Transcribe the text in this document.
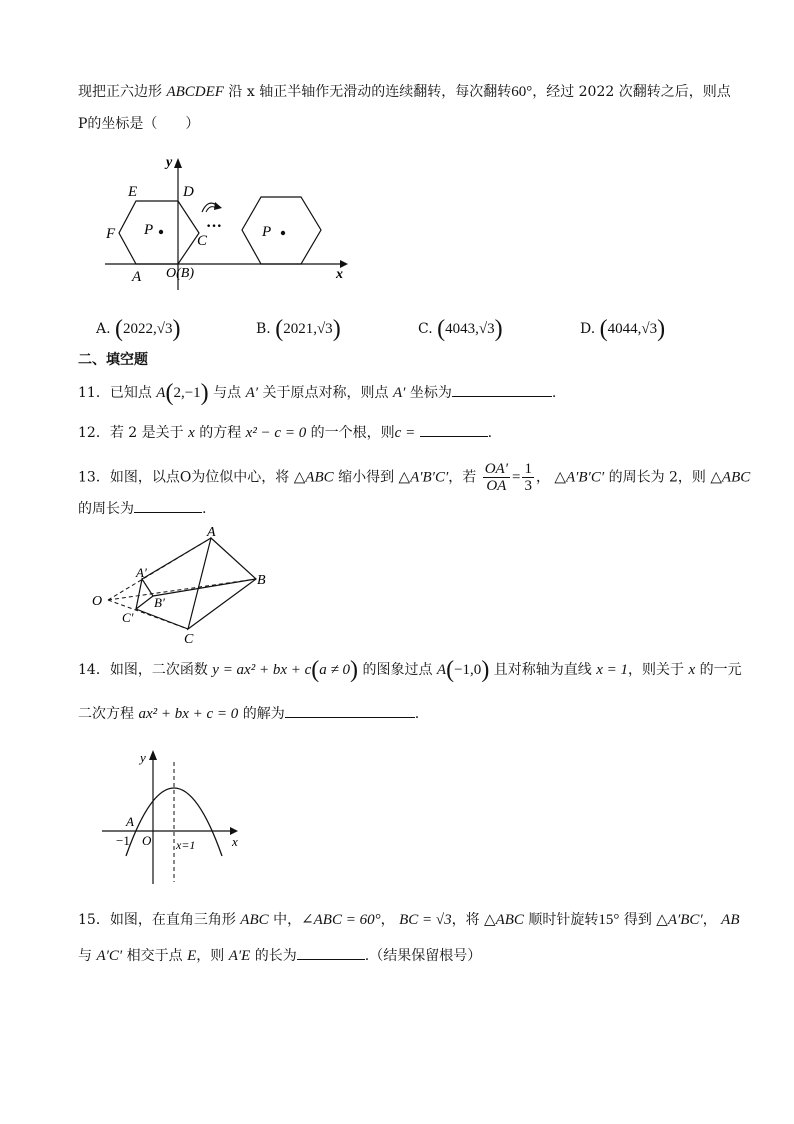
现把正六边形 ABCDEF 沿 x 轴正半轴作无滑动的连续翻转，每次翻转60°，经过 2022 次翻转之后，则点
P的坐标是（　　）
y
x
E	D
F	C
A O(B)
P	P
···
A. (2022,√3)	B. (2021,√3)	C. (4043,√3)	D. (4044,√3)
二、填空题
11．已知点 A(2,−1) 与点 A′ 关于原点对称，则点 A′ 坐标为	.
12．若 2 是关于 x 的方程 x² − c = 0 的一个根，则c =	.
13．如图，以点O为位似中心，将 △ABC 缩小得到 △A′B′C′，若 $\frac{OA'}{OA} = \frac{1}{3}$ ， △A′B′C′ 的周长为 2，则 △ABC
的周长为	.
O
A
B
C
A′
B′
C′
14．如图，二次函数 y = ax² + bx + c(a ≠ 0) 的图象过点 A(−1,0) 且对称轴为直线 x = 1，则关于 x 的一元
二次方程 ax² + bx + c = 0 的解为	.
y
x
A
−1 O x=1
15．如图，在直角三角形 ABC 中，∠ABC = 60°， BC = √3，将 △ABC 顺时针旋转15° 得到 △A′BC′， AB
与 A′C′ 相交于点 E，则 A′E 的长为	.（结果保留根号）
